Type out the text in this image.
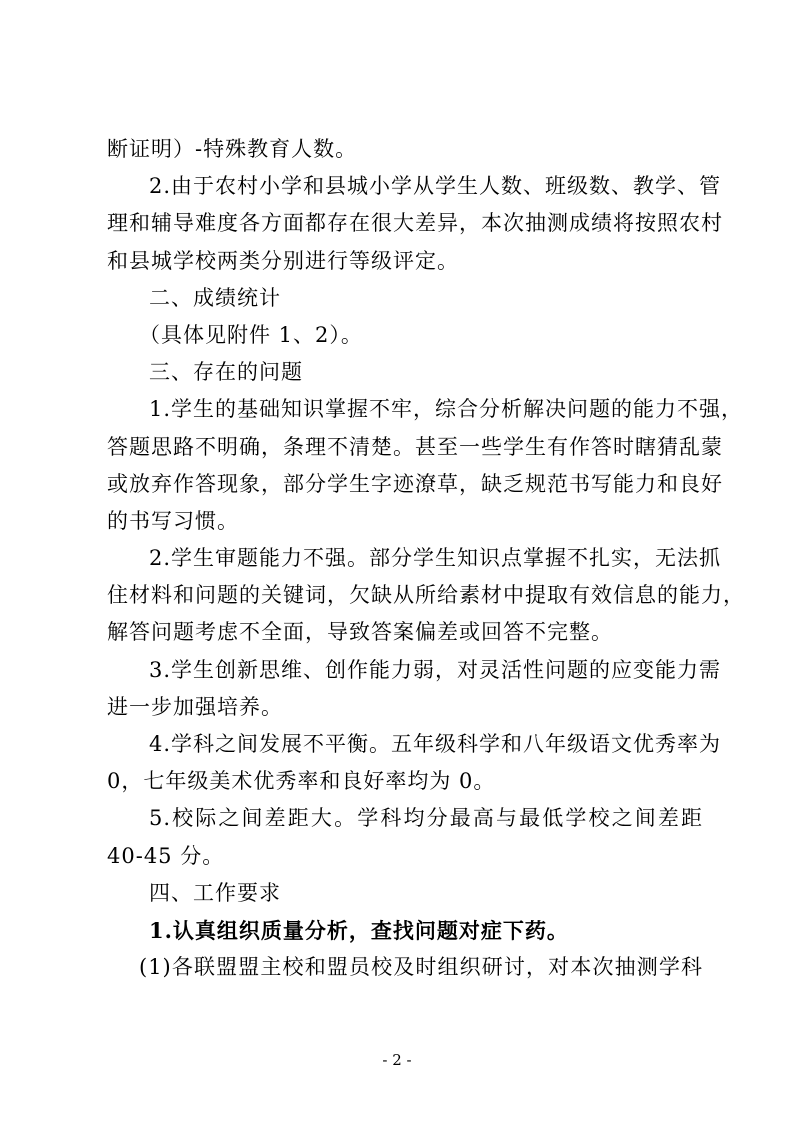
断证明）-特殊教育人数。
2.由于农村小学和县城小学从学生人数、班级数、教学、管
理和辅导难度各方面都存在很大差异，本次抽测成绩将按照农村
和县城学校两类分别进行等级评定。
二、成绩统计
（具体见附件 1、2）。
三、存在的问题
1.学生的基础知识掌握不牢，综合分析解决问题的能力不强，
答题思路不明确，条理不清楚。甚至一些学生有作答时瞎猜乱蒙
或放弃作答现象，部分学生字迹潦草，缺乏规范书写能力和良好
的书写习惯。
2.学生审题能力不强。部分学生知识点掌握不扎实，无法抓
住材料和问题的关键词，欠缺从所给素材中提取有效信息的能力，
解答问题考虑不全面，导致答案偏差或回答不完整。
3.学生创新思维、创作能力弱，对灵活性问题的应变能力需
进一步加强培养。
4.学科之间发展不平衡。五年级科学和八年级语文优秀率为
0，七年级美术优秀率和良好率均为 0。
5.校际之间差距大。学科均分最高与最低学校之间差距
40-45 分。
四、工作要求
1.认真组织质量分析，查找问题对症下药。
(1)各联盟盟主校和盟员校及时组织研讨，对本次抽测学科
- 2 -
